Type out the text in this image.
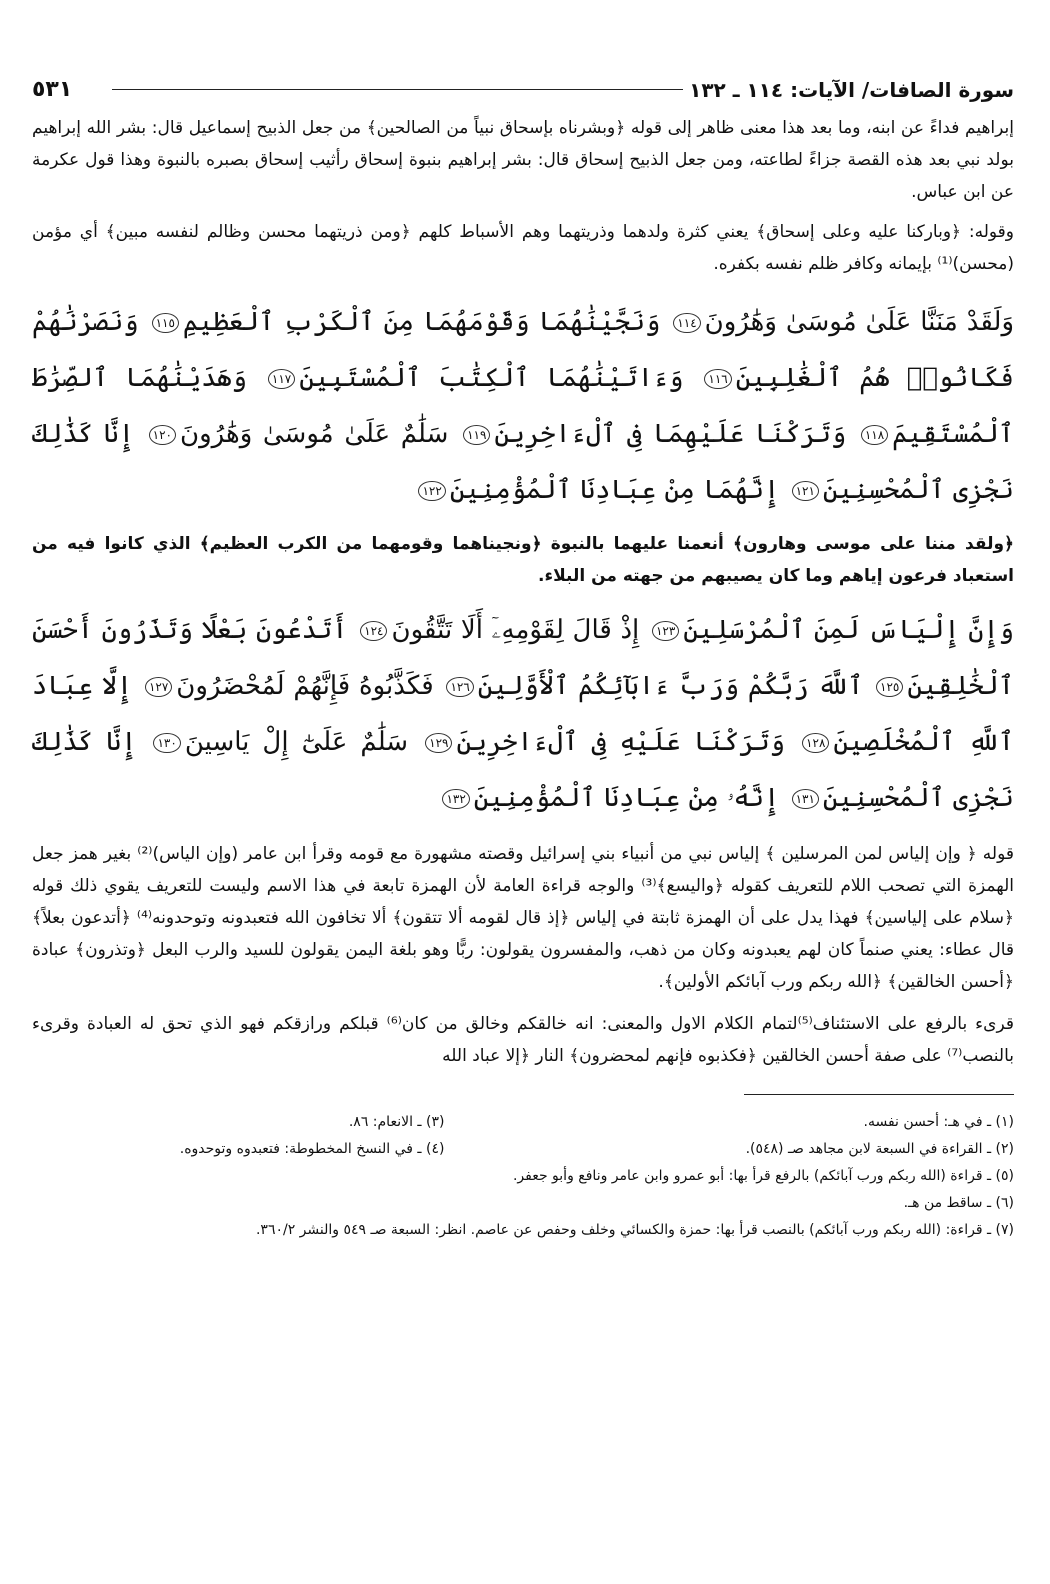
سورة الصافات/ الآيات: ١١٤ ـ ١٣٢
٥٣١

إبراهيم فداءً عن ابنه، وما بعد هذا معنى ظاهر إلى قوله ﴿وبشرناه بإسحاق نبياً من الصالحين﴾ من جعل الذبيح إسماعيل قال: بشر الله إبراهيم بولد نبي بعد هذه القصة جزاءً لطاعته، ومن جعل الذبيح إسحاق قال: بشر إبراهيم بنبوة إسحاق رأثيب إسحاق بصبره بالنبوة وهذا قول عكرمة عن ابن عباس.

وقوله: ﴿وباركنا عليه وعلى إسحاق﴾ يعني كثرة ولدهما وذريتهما وهم الأسباط كلهم ﴿ومن ذريتهما محسن وظالم لنفسه مبين﴾ أي مؤمن (محسن)⁽¹⁾ بإيمانه وكافر ظلم نفسه بكفره.

وَلَقَدْ مَنَنَّا عَلَىٰ مُوسَىٰ وَهَٰرُونَ١١٤ وَنَجَّيْنَٰهُمَا وَقَوْمَهُمَا مِنَ ٱلْكَرْبِ ٱلْعَظِيمِ١١٥ وَنَصَرْنَٰهُمْ فَكَانُوا۟ هُمُ ٱلْغَٰلِبِينَ١١٦ وَءَاتَيْنَٰهُمَا ٱلْكِتَٰبَ ٱلْمُسْتَبِينَ١١٧ وَهَدَيْنَٰهُمَا ٱلصِّرَٰطَ ٱلْمُسْتَقِيمَ١١٨ وَتَرَكْنَا عَلَيْهِمَا فِى ٱلْءَاخِرِينَ١١٩ سَلَٰمٌ عَلَىٰ مُوسَىٰ وَهَٰرُونَ١٢٠ إِنَّا كَذَٰلِكَ نَجْزِى ٱلْمُحْسِنِينَ١٢١ إِنَّهُمَا مِنْ عِبَادِنَا ٱلْمُؤْمِنِينَ١٢٢

﴿ولقد مننا على موسى وهارون﴾ أنعمنا عليهما بالنبوة ﴿ونجيناهما وقومهما من الكرب العظيم﴾ الذي كانوا فيه من استعباد فرعون إياهم وما كان يصيبهم من جهته من البلاء.

وَإِنَّ إِلْيَاسَ لَمِنَ ٱلْمُرْسَلِينَ١٢٣ إِذْ قَالَ لِقَوْمِهِۦٓ أَلَا تَتَّقُونَ١٢٤ أَتَدْعُونَ بَعْلًا وَتَذَرُونَ أَحْسَنَ ٱلْخَٰلِقِينَ١٢٥ ٱللَّهَ رَبَّكُمْ وَرَبَّ ءَابَآئِكُمُ ٱلْأَوَّلِينَ١٢٦ فَكَذَّبُوهُ فَإِنَّهُمْ لَمُحْضَرُونَ١٢٧ إِلَّا عِبَادَ ٱللَّهِ ٱلْمُخْلَصِينَ١٢٨ وَتَرَكْنَا عَلَيْهِ فِى ٱلْءَاخِرِينَ١٢٩ سَلَٰمٌ عَلَىٰٓ إِلْ يَاسِينَ١٣٠ إِنَّا كَذَٰلِكَ نَجْزِى ٱلْمُحْسِنِينَ١٣١ إِنَّهُۥ مِنْ عِبَادِنَا ٱلْمُؤْمِنِينَ١٣٢

قوله ﴿ وإن إلياس لمن المرسلين ﴾ إلياس نبي من أنبياء بني إسرائيل وقصته مشهورة مع قومه وقرأ ابن عامر (وإن الياس)⁽²⁾ بغير همز جعل الهمزة التي تصحب اللام للتعريف كقوله ﴿واليسع﴾⁽³⁾ والوجه قراءة العامة لأن الهمزة تابعة في هذا الاسم وليست للتعريف يقوي ذلك قوله ﴿سلام على إلياسين﴾ فهذا يدل على أن الهمزة ثابتة في إلياس ﴿إذ قال لقومه ألا تتقون﴾ ألا تخافون الله فتعبدونه وتوحدونه⁽⁴⁾ ﴿أتدعون بعلاً﴾ قال عطاء: يعني صنماً كان لهم يعبدونه وكان من ذهب، والمفسرون يقولون: ربًّا وهو بلغة اليمن يقولون للسيد والرب البعل ﴿وتذرون﴾ عبادة ﴿أحسن الخالقين﴾ ﴿الله ربكم ورب آبائكم الأولين﴾.

قرىء بالرفع على الاستئناف⁽⁵⁾لتمام الكلام الاول والمعنى: انه خالقكم وخالق من كان⁽⁶⁾ قبلكم ورازقكم فهو الذي تحق له العبادة وقرىء بالنصب⁽⁷⁾ على صفة أحسن الخالقين ﴿فكذبوه فإنهم لمحضرون﴾ النار ﴿إلا عباد الله

(١) ـ في هـ: أحسن نفسه.

(٣) ـ الانعام: ٨٦.

(٢) ـ القراءة في السبعة لابن مجاهد صـ (٥٤٨).

(٤) ـ في النسخ المخطوطة: فتعبدوه وتوحدوه.

(٥) ـ قراءة (الله ربكم ورب آبائكم) بالرفع قرأ بها: أبو عمرو وابن عامر ونافع وأبو جعفر.

(٦) ـ ساقط من هـ.

(٧) ـ قراءة: (الله ربكم ورب آبائكم) بالنصب قرأ بها: حمزة والكسائي وخلف وحفص عن عاصم. انظر: السبعة صـ ٥٤٩ والنشر ٣٦٠/٢.
